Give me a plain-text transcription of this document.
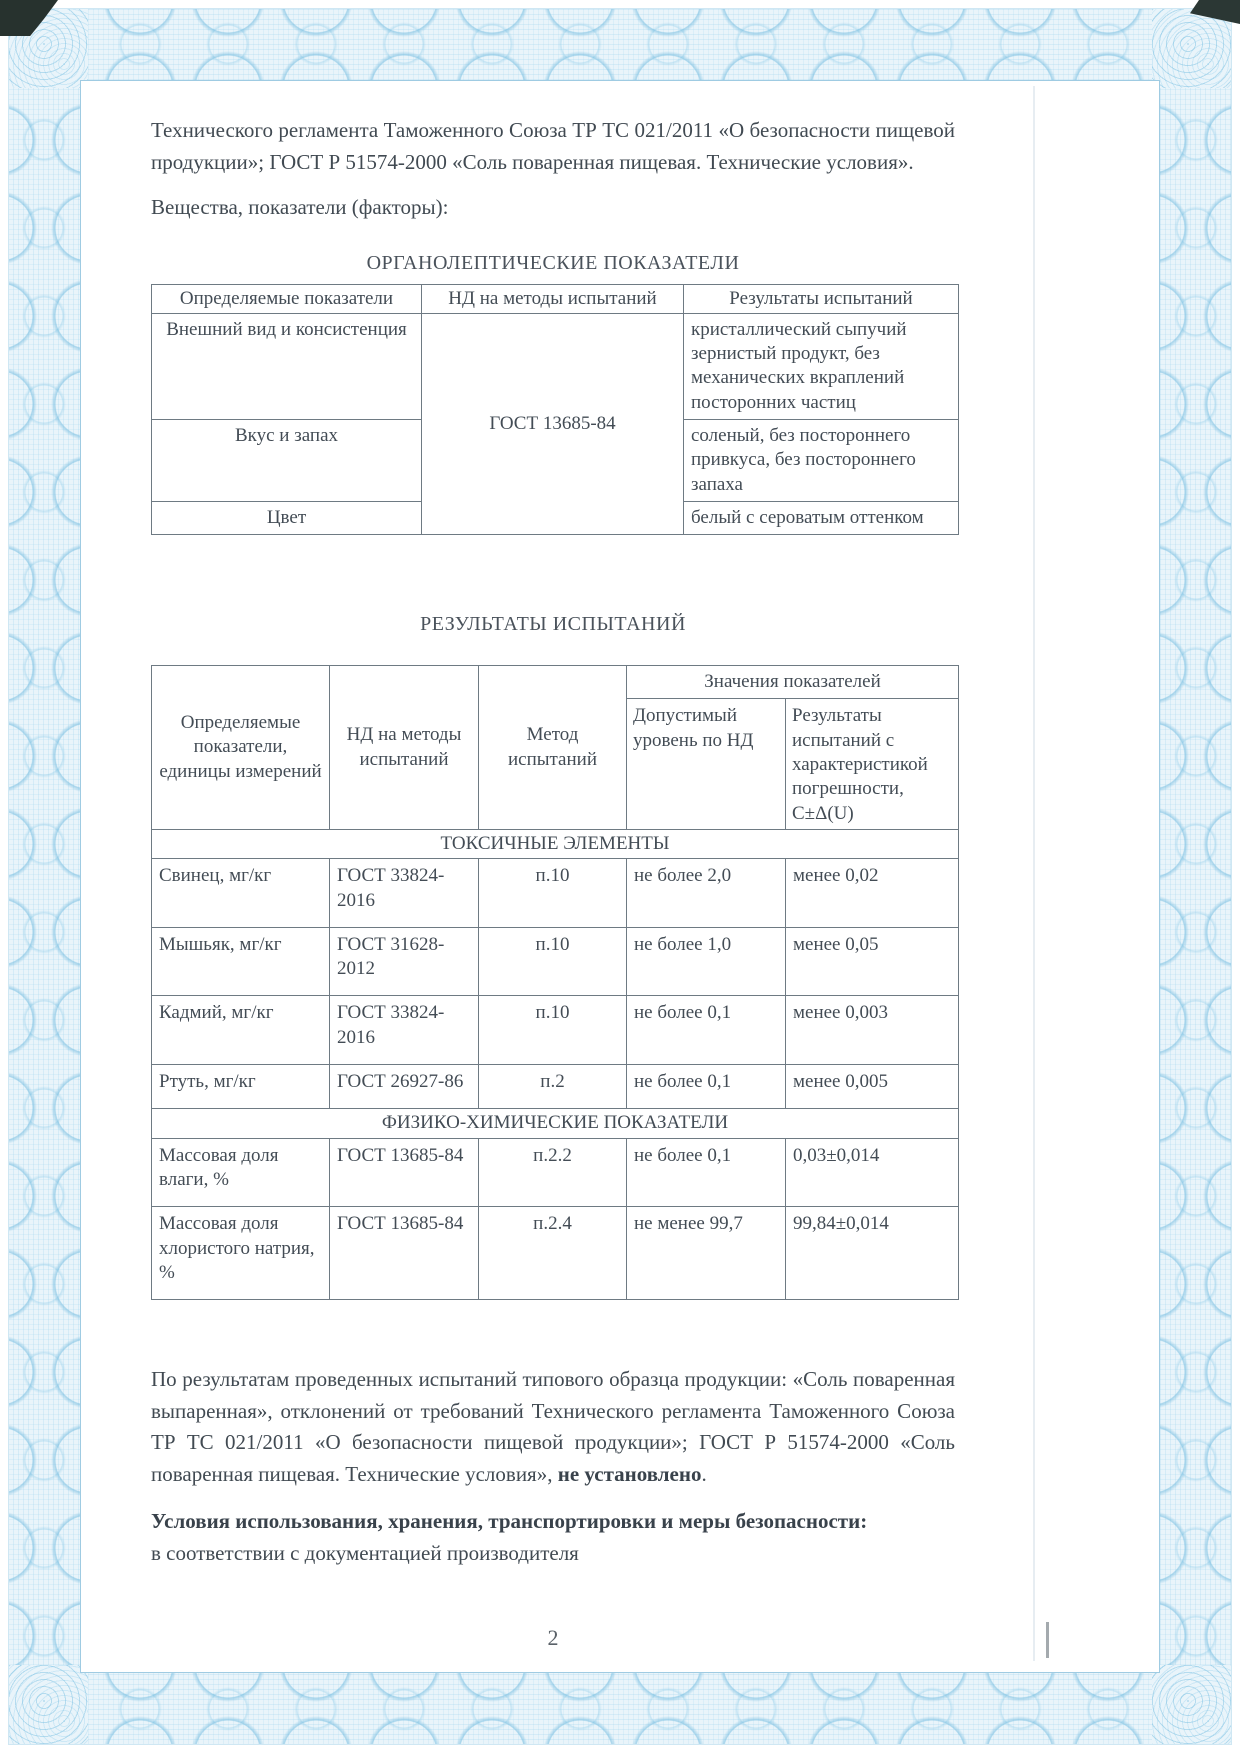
Технического регламента Таможенного Союза ТР ТС 021/2011 «О безопасности пищевой продукции»; ГОСТ Р 51574-2000 «Соль поваренная пищевая. Технические условия».

Вещества, показатели (факторы):

ОРГАНОЛЕПТИЧЕСКИЕ ПОКАЗАТЕЛИ
Определяемые показатели	НД на методы испытаний	Результаты испытаний
Внешний вид и консистенция	ГОСТ 13685-84	кристаллический сыпучий зернистый продукт, без механических вкраплений посторонних частиц
Вкус и запах		соленый, без постороннего привкуса, без постороннего запаха
Цвет		белый с сероватым оттенком
РЕЗУЛЬТАТЫ ИСПЫТАНИЙ
Определяемые показатели, единицы измерений	НД на методы испытаний	Метод испытаний	Значения показателей	
			Допустимый уровень по НД	Результаты испытаний с характеристикой погрешности, С±Δ(U)
ТОКСИЧНЫЕ ЭЛЕМЕНТЫ				
Свинец, мг/кг	ГОСТ 33824-2016	п.10	не более 2,0	менее 0,02
Мышьяк, мг/кг	ГОСТ 31628-2012	п.10	не более 1,0	менее 0,05
Кадмий, мг/кг	ГОСТ 33824-2016	п.10	не более 0,1	менее 0,003
Ртуть, мг/кг	ГОСТ 26927-86	п.2	не более 0,1	менее 0,005
ФИЗИКО-ХИМИЧЕСКИЕ ПОКАЗАТЕЛИ				
Массовая доля влаги, %	ГОСТ 13685-84	п.2.2	не более 0,1	0,03±0,014
Массовая доля хлористого натрия, %	ГОСТ 13685-84	п.2.4	не менее 99,7	99,84±0,014

По результатам проведенных испытаний типового образца продукции: «Соль поваренная выпаренная», отклонений от требований Технического регламента Таможенного Союза ТР ТС 021/2011 «О безопасности пищевой продукции»; ГОСТ Р 51574-2000 «Соль поваренная пищевая. Технические условия», не установлено.

Условия использования, хранения, транспортировки и меры безопасности:
в соответствии с документацией производителя

2
